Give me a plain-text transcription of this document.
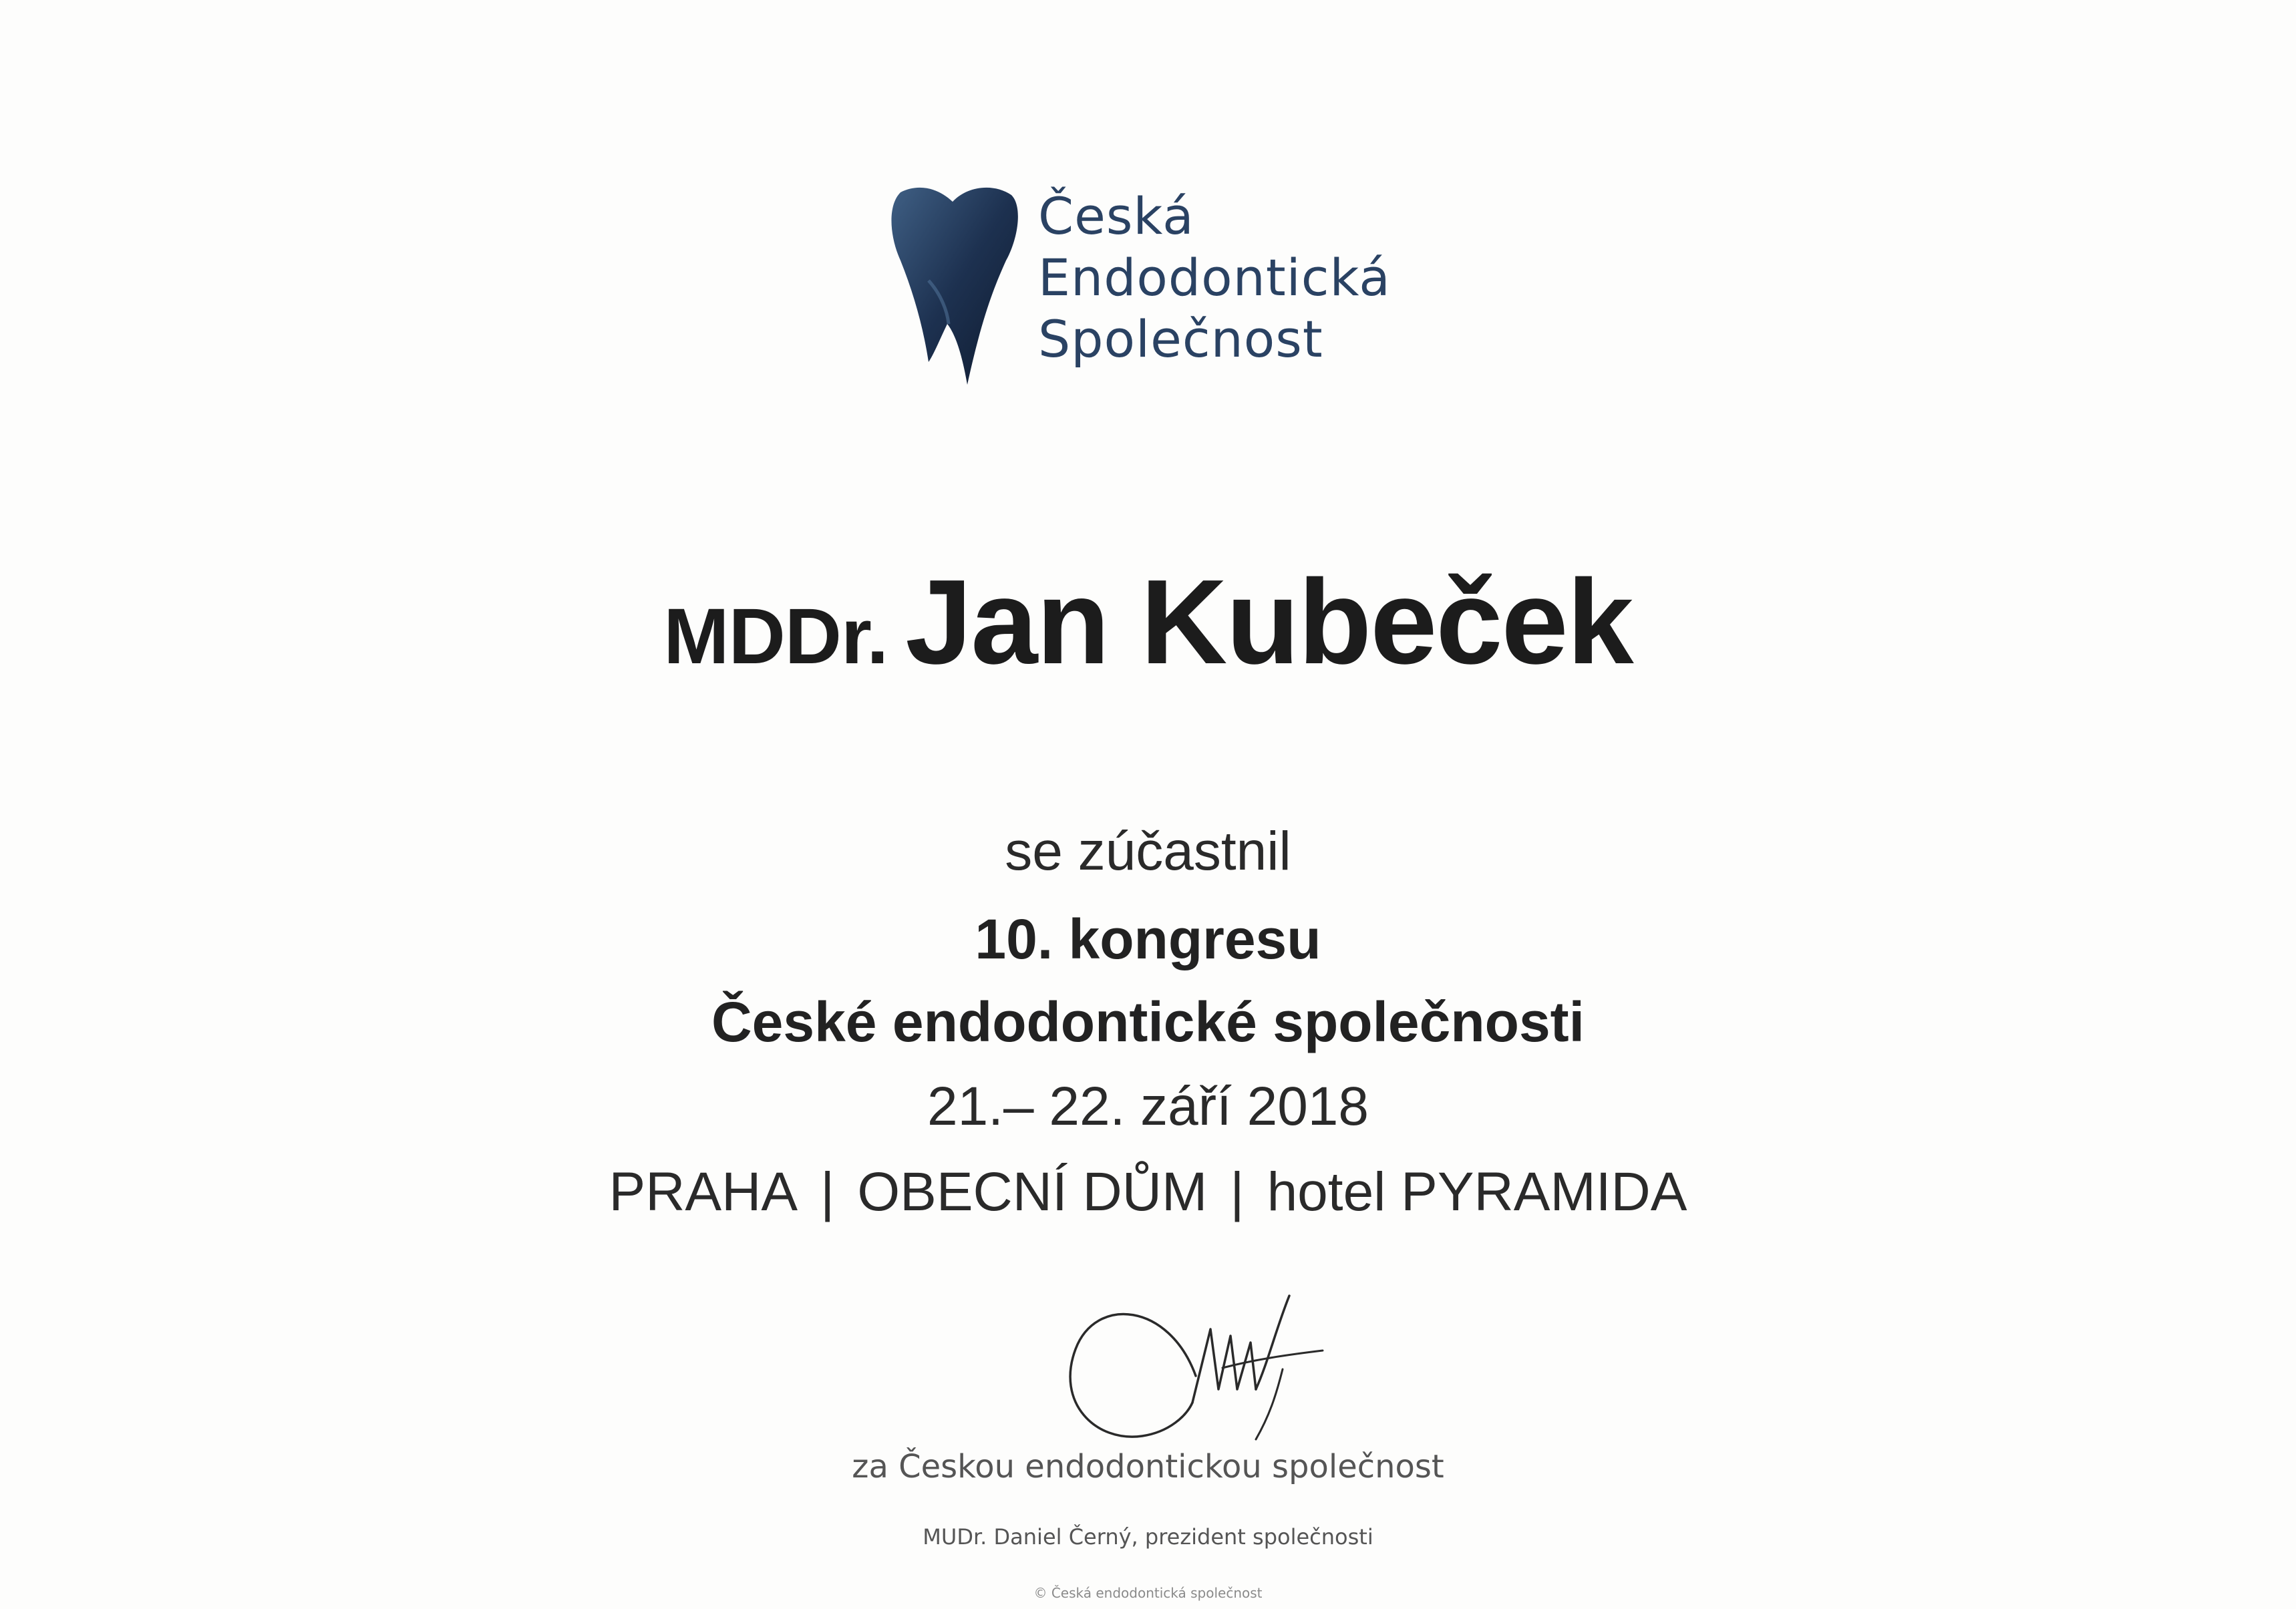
Česká
Endodontická
Společnost
MDDr. Jan Kubeček
se zúčastnil
10. kongresu
České endodontické společnosti
21.– 22. září 2018
PRAHA | OBECNÍ DŮM | hotel PYRAMIDA
za Českou endodontickou společnost
MUDr. Daniel Černý, prezident společnosti
© Česká endodontická společnost
